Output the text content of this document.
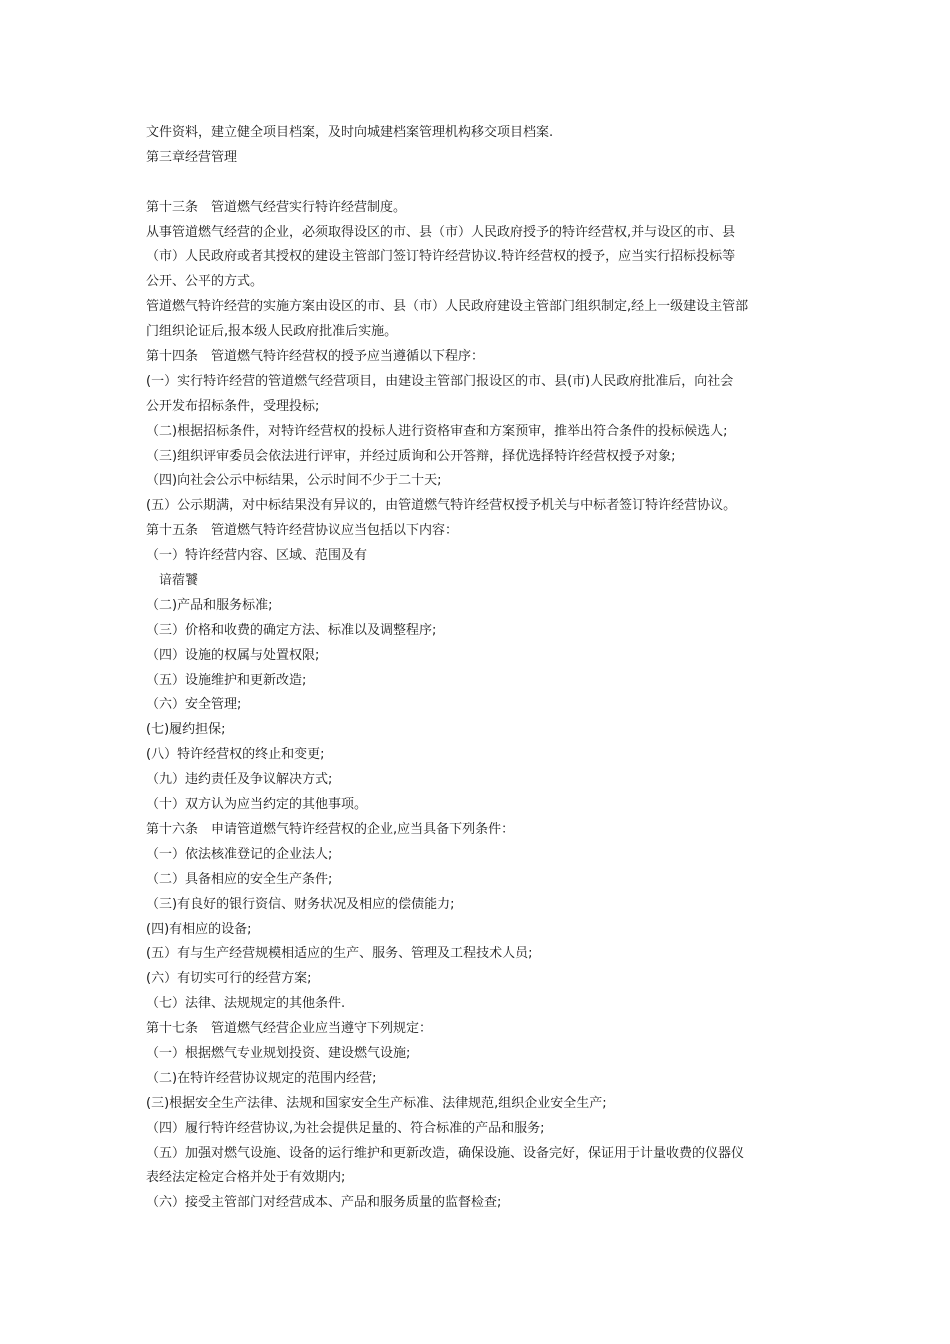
文件资料，建立健全项目档案，及时向城建档案管理机构移交项目档案.
第三章经营管理
第十三条　管道燃气经营实行特许经营制度。
从事管道燃气经营的企业，必须取得设区的市、县（市）人民政府授予的特许经营权,并与设区的市、县
（市）人民政府或者其授权的建设主管部门签订特许经营协议.特许经营权的授予，应当实行招标投标等
公开、公平的方式。
管道燃气特许经营的实施方案由设区的市、县（市）人民政府建设主管部门组织制定,经上一级建设主管部
门组织论证后,报本级人民政府批准后实施。
第十四条　管道燃气特许经营权的授予应当遵循以下程序：
(一）实行特许经营的管道燃气经营项目，由建设主管部门报设区的市、县(市)人民政府批准后，向社会
公开发布招标条件，受理投标;
（二)根据招标条件，对特许经营权的投标人进行资格审查和方案预审，推举出符合条件的投标候选人;
（三)组织评审委员会依法进行评审，并经过质询和公开答辩，择优选择特许经营权授予对象;
（四)向社会公示中标结果，公示时间不少于二十天;
(五）公示期满，对中标结果没有异议的，由管道燃气特许经营权授予机关与中标者签订特许经营协议。
第十五条　管道燃气特许经营协议应当包括以下内容：
（一）特许经营内容、区域、范围及有
　谙蓿饕
（二)产品和服务标准;
（三）价格和收费的确定方法、标准以及调整程序;
（四）设施的权属与处置权限;
（五）设施维护和更新改造;
（六）安全管理;
(七)履约担保;
(八）特许经营权的终止和变更;
（九）违约责任及争议解决方式;
（十）双方认为应当约定的其他事项。
第十六条　申请管道燃气特许经营权的企业,应当具备下列条件：
（一）依法核准登记的企业法人;
（二）具备相应的安全生产条件;
（三)有良好的银行资信、财务状况及相应的偿债能力;
(四)有相应的设备;
(五）有与生产经营规模相适应的生产、服务、管理及工程技术人员;
(六）有切实可行的经营方案;
（七）法律、法规规定的其他条件.
第十七条　管道燃气经营企业应当遵守下列规定：
（一）根据燃气专业规划投资、建设燃气设施;
（二)在特许经营协议规定的范围内经营;
(三)根据安全生产法律、法规和国家安全生产标准、法律规范,组织企业安全生产;
（四）履行特许经营协议,为社会提供足量的、符合标准的产品和服务;
（五）加强对燃气设施、设备的运行维护和更新改造，确保设施、设备完好，保证用于计量收费的仪器仪
表经法定检定合格并处于有效期内;
（六）接受主管部门对经营成本、产品和服务质量的监督检查;
